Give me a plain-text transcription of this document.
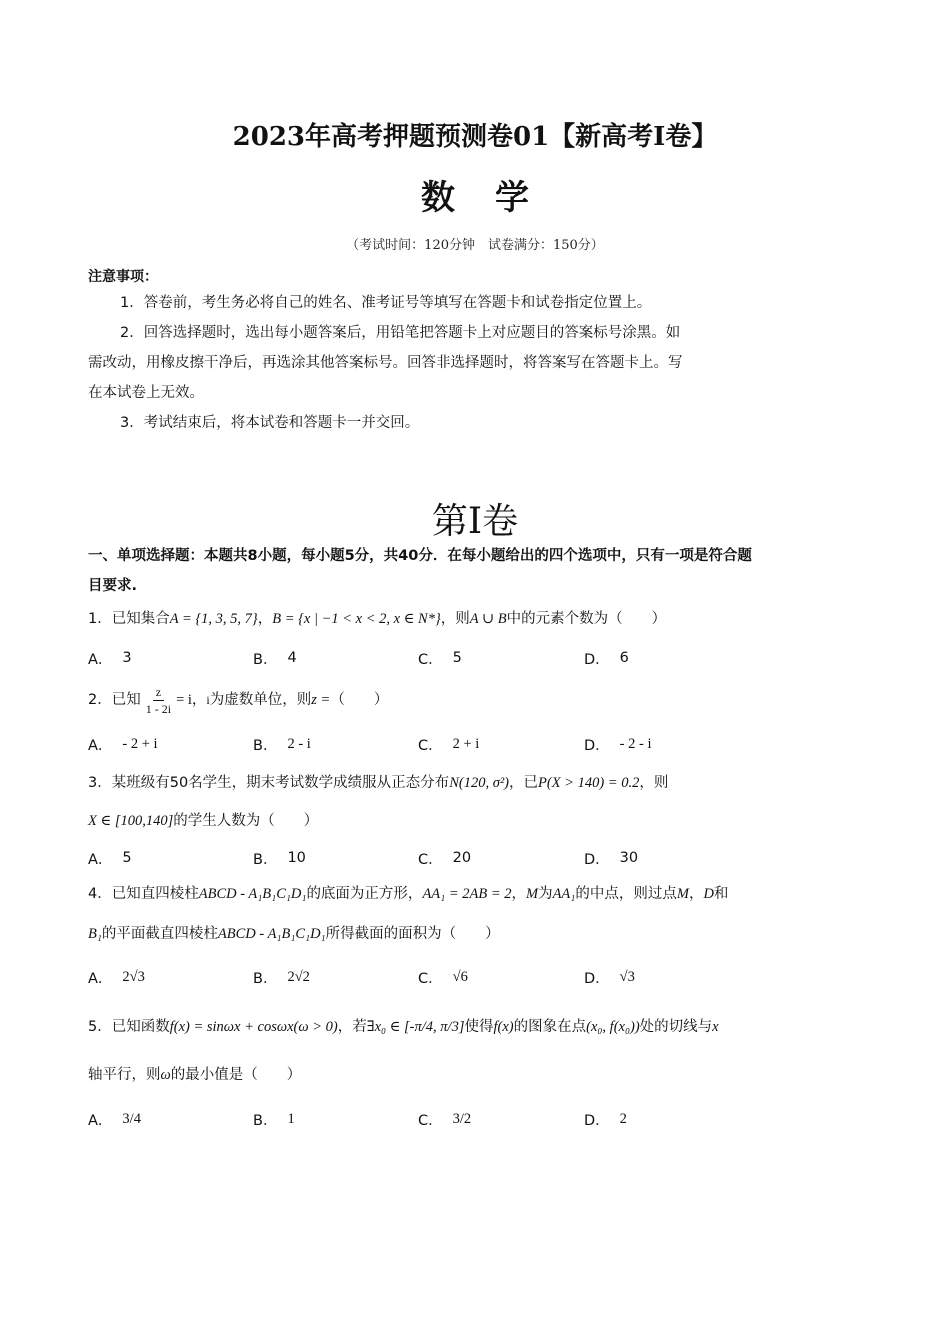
2023年高考押题预测卷01【新高考Ⅰ卷】
数学
（考试时间：120分钟　试卷满分：150分）
注意事项：
1．答卷前，考生务必将自己的姓名、准考证号等填写在答题卡和试卷指定位置上。
2．回答选择题时，选出每小题答案后，用铅笔把答题卡上对应题目的答案标号涂黑。如
需改动，用橡皮擦干净后，再选涂其他答案标号。回答非选择题时，将答案写在答题卡上。写
在本试卷上无效。
3．考试结束后，将本试卷和答题卡一并交回。
第Ⅰ卷
一、单项选择题：本题共8小题，每小题5分，共40分．在每小题给出的四个选项中，只有一项是符合题
目要求.
1．已知集合A = {1, 3, 5, 7}，B = {x | −1 < x < 2, x ∈ N*}，则A ∪ B中的元素个数为（　　）
A． 3	B． 4	C． 5	D． 6
2．已知 $\frac{z}{1 - 2i} = i$ ， i 为虚数单位，则 z = （　　）
A． - 2 + i	B． 2 - i	C． 2 + i	D． - 2 - i
3．某班级有50名学生，期末考试数学成绩服从正态分布N(120, σ²)，已P(X > 140) = 0.2，则
X ∈ [100,140]的学生人数为（　　）
A． 5	B． 10	C． 20	D． 30
4．已知直四棱柱ABCD - A₁B₁C₁D₁的底面为正方形，AA₁ = 2AB = 2，M为AA₁的中点，则过点M，D和
B₁的平面截直四棱柱ABCD - A₁B₁C₁D₁所得截面的面积为（　　）
A． 2√3	B． 2√2	C． √6	D． √3
5．已知函数f(x) = sinωx + cosωx(ω > 0)，若∃x₀ ∈ [-π/4, π/3]使得f(x)的图象在点(x₀, f(x₀))处的切线与x
轴平行，则ω的最小值是（　　）
A． 3/4	B． 1	C． 3/2	D． 2
